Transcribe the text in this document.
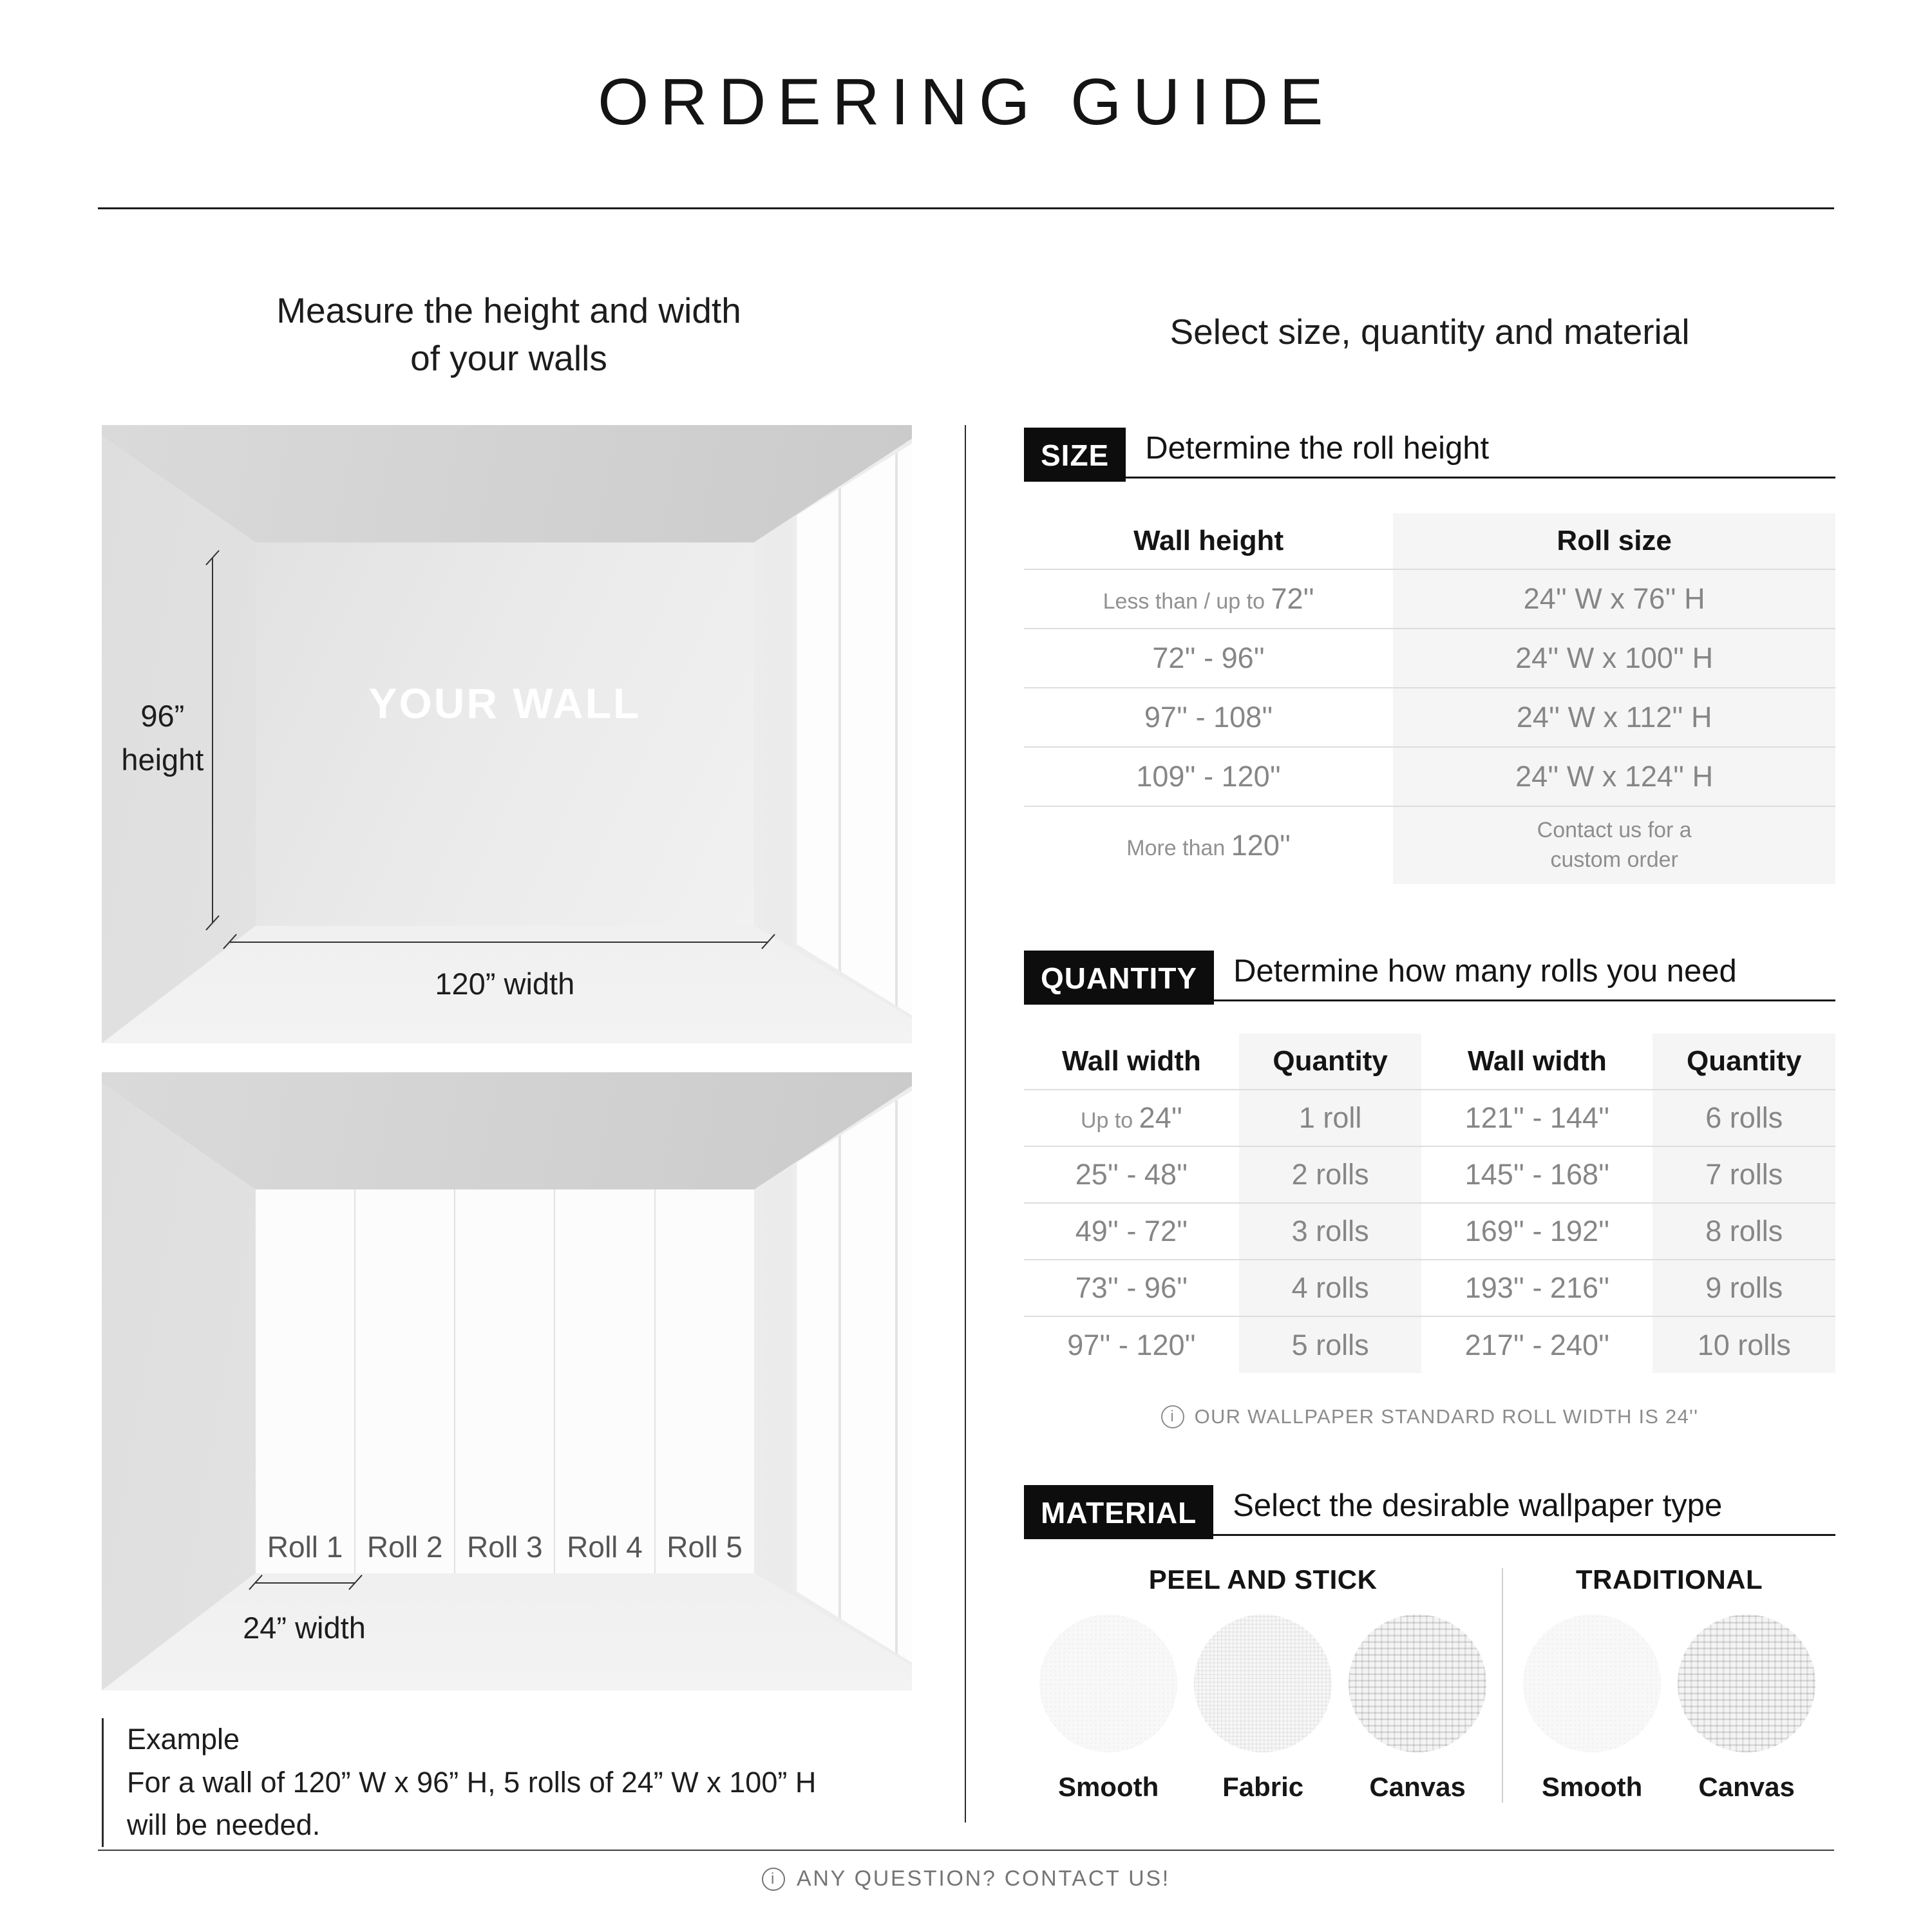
ORDERING GUIDE
Measure the height and width
of your walls
Select size, quantity and material
YOUR WALL
96”
height
120” width
Roll 1 Roll 2 Roll 3 Roll 4 Roll 5
24” width
Example
For a wall of 120” W x 96” H, 5 rolls of 24” W x 100” H
will be needed.
SIZE	Determine the roll height
Wall height	Roll size
Less than / up to 72''	24'' W x 76'' H
72'' - 96''	24'' W x 100'' H
97'' - 108''	24'' W x 112'' H
109'' - 120''	24'' W x 124'' H
More than 120''	Contact us for a
custom order
QUANTITY	Determine how many rolls you need
Wall width	Quantity	Wall width	Quantity
Up to 24''	1 roll	121'' - 144''	6 rolls
25'' - 48''	2 rolls	145'' - 168''	7 rolls
49'' - 72''	3 rolls	169'' - 192''	8 rolls
73'' - 96''	4 rolls	193'' - 216''	9 rolls
97'' - 120''	5 rolls	217'' - 240''	10 rolls
i
OUR WALLPAPER STANDARD ROLL WIDTH IS 24''
MATERIAL	Select the desirable wallpaper type
PEEL AND STICK
Smooth Fabric Canvas
TRADITIONAL
Smooth Canvas
i
ANY QUESTION? CONTACT US!
